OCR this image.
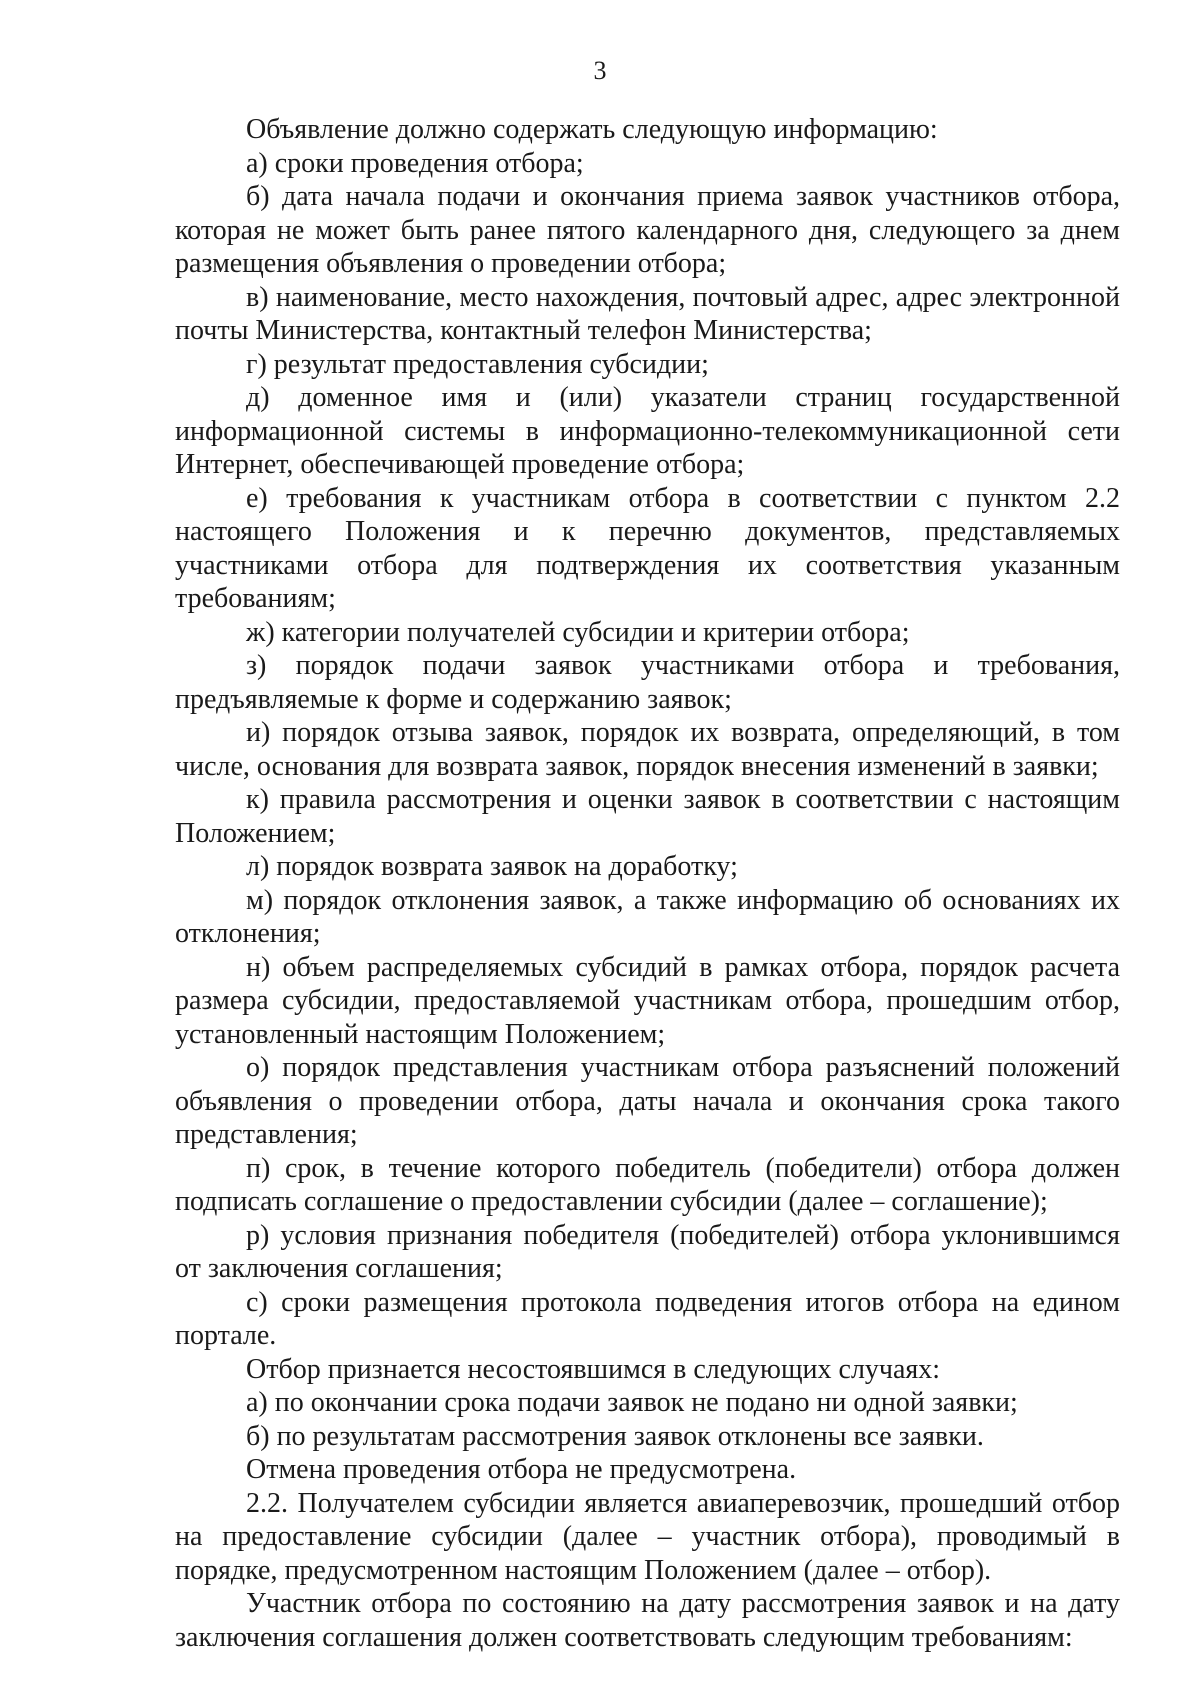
3

Объявление должно содержать следующую информацию:

а) сроки проведения отбора;

б) дата начала подачи и окончания приема заявок участников отбора, которая не может быть ранее пятого календарного дня, следующего за днем размещения объявления о проведении отбора;

в) наименование, место нахождения, почтовый адрес, адрес электронной почты Министерства, контактный телефон Министерства;

г) результат предоставления субсидии;

д) доменное имя и (или) указатели страниц государственной информационной системы в информационно-телекоммуникационной сети Интернет, обеспечивающей проведение отбора;

е) требования к участникам отбора в соответствии с пунктом 2.2 настоящего Положения и к перечню документов, представляемых участниками отбора для подтверждения их соответствия указанным требованиям;

ж) категории получателей субсидии и критерии отбора;

з) порядок подачи заявок участниками отбора и требования, предъявляемые к форме и содержанию заявок;

и) порядок отзыва заявок, порядок их возврата, определяющий, в том числе, основания для возврата заявок, порядок внесения изменений в заявки;

к) правила рассмотрения и оценки заявок в соответствии с настоящим Положением;

л) порядок возврата заявок на доработку;

м) порядок отклонения заявок, а также информацию об основаниях их отклонения;

н) объем распределяемых субсидий в рамках отбора, порядок расчета размера субсидии, предоставляемой участникам отбора, прошедшим отбор, установленный настоящим Положением;

о) порядок представления участникам отбора разъяснений положений объявления о проведении отбора, даты начала и окончания срока такого представления;

п) срок, в течение которого победитель (победители) отбора должен подписать соглашение о предоставлении субсидии (далее – соглашение);

р) условия признания победителя (победителей) отбора уклонившимся от заключения соглашения;

с) сроки размещения протокола подведения итогов отбора на едином портале.

Отбор признается несостоявшимся в следующих случаях:

а) по окончании срока подачи заявок не подано ни одной заявки;

б) по результатам рассмотрения заявок отклонены все заявки.

Отмена проведения отбора не предусмотрена.

2.2. Получателем субсидии является авиаперевозчик, прошедший отбор на предоставление субсидии (далее – участник отбора), проводимый в порядке, предусмотренном настоящим Положением (далее – отбор).

Участник отбора по состоянию на дату рассмотрения заявок и на дату заключения соглашения должен соответствовать следующим требованиям:
